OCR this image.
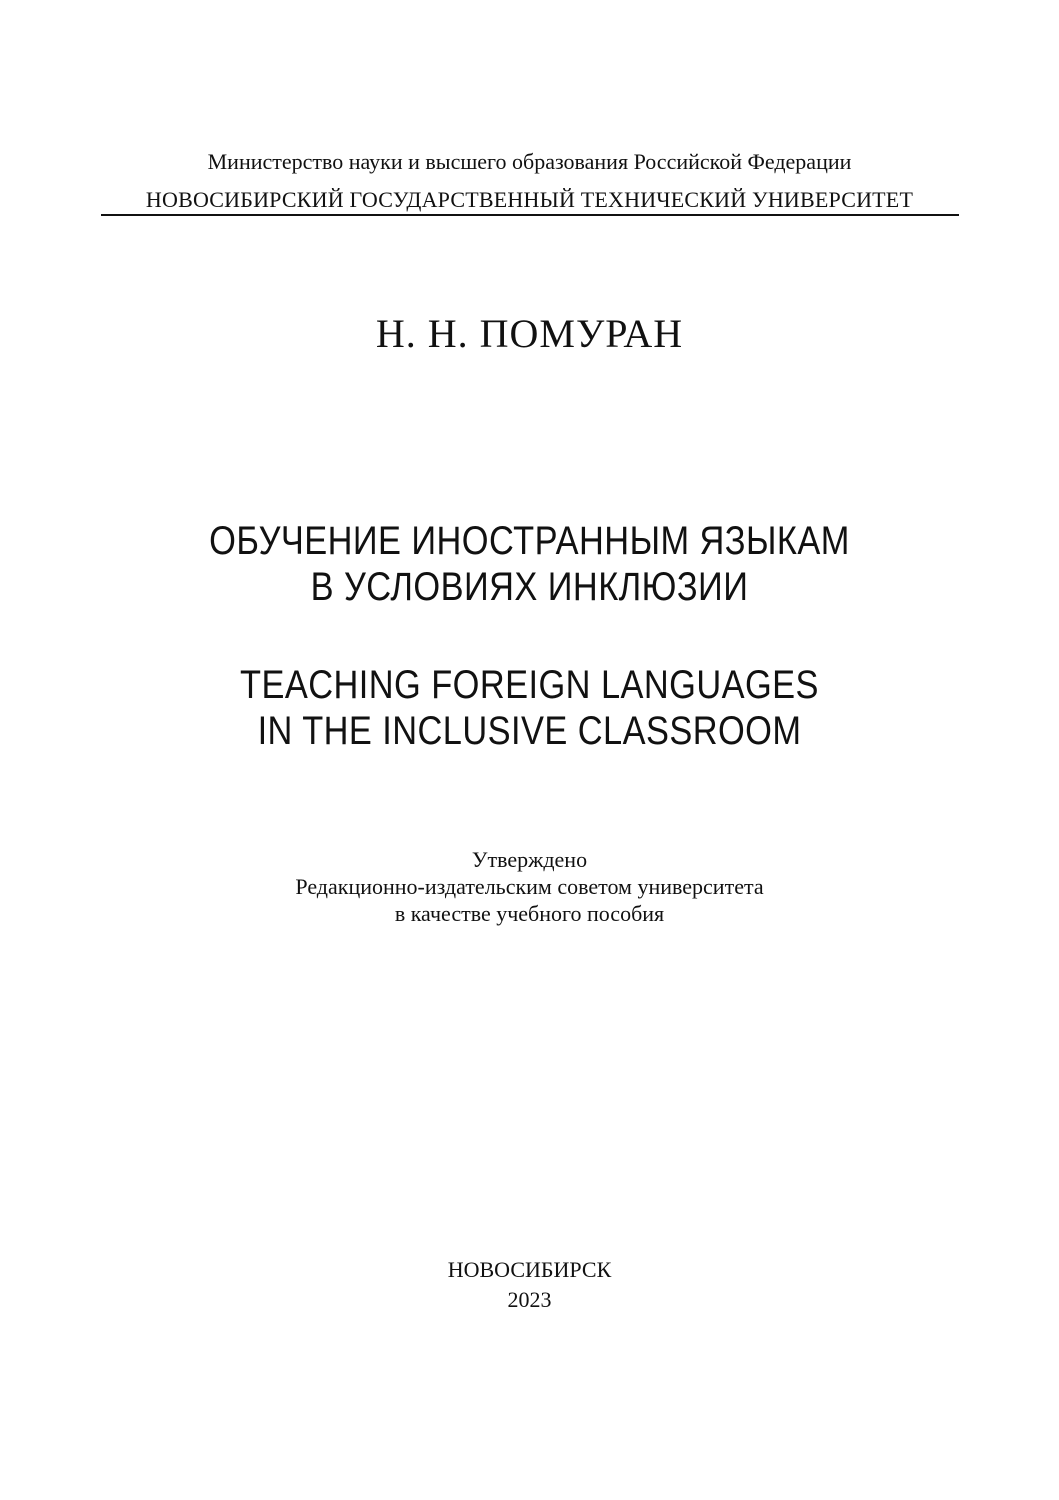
Министерство науки и высшего образования Российской Федерации
НОВОСИБИРСКИЙ ГОСУДАРСТВЕННЫЙ ТЕХНИЧЕСКИЙ УНИВЕРСИТЕТ
Н. Н. ПОМУРАН
ОБУЧЕНИЕ ИНОСТРАННЫМ ЯЗЫКАМ
В УСЛОВИЯХ ИНКЛЮЗИИ
TEACHING FOREIGN LANGUAGES
IN THE INCLUSIVE CLASSROOM
Утверждено
Редакционно-издательским советом университета
в качестве учебного пособия
НОВОСИБИРСК
2023
